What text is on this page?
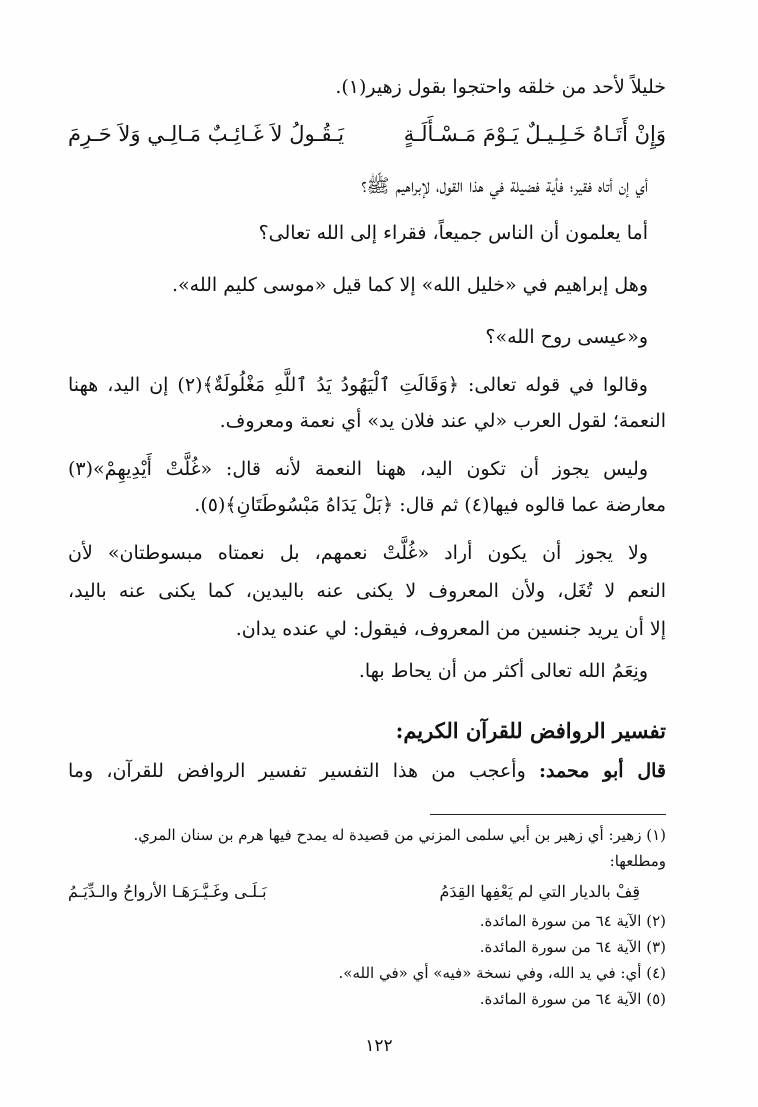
خليلاً لأحد من خلقه واحتجوا بقول زهير(١).
وَإِنْ أَتَـاهُ خَـلِـيـلٌ يَـوْمَ مَـسْـأَلَـةٍ
يَـقُـولُ لاَ غَـائِـبٌ مَـالِـي وَلاَ حَـرِمَ
أي إن أتاه فقير؛ فأية فضيلة في هذا القول، لإبراهيم ﷺ؟
أما يعلمون أن الناس جميعاً، فقراء إلى الله تعالى؟
وهل إبراهيم في «خليل الله» إلا كما قيل «موسى كليم الله».
و«عيسى روح الله»؟
وقالوا في قوله تعالى: ﴿وَقَالَتِ ٱلْيَهُودُ يَدُ ٱللَّهِ مَغْلُولَةٌ﴾(٢) إن اليد، ههنا
النعمة؛ لقول العرب «لي عند فلان يد» أي نعمة ومعروف.
وليس يجوز أن تكون اليد، ههنا النعمة لأنه قال: «غُلَّتْ أَيْدِيهِمْ»(٣)
معارضة عما قالوه فيها(٤) ثم قال: ﴿بَلْ يَدَاهُ مَبْسُوطَتَانِ﴾(٥).
ولا يجوز أن يكون أراد «غُلَّتْ نعمهم، بل نعمتاه مبسوطتان» لأن
النعم لا تُغَل، ولأن المعروف لا يكنى عنه باليدين، كما يكنى عنه باليد،
إلا أن يريد جنسين من المعروف، فيقول: لي عنده يدان.
ونِعَمُ الله تعالى أكثر من أن يحاط بها.
تفسير الروافض للقرآن الكريم:
قال أبو محمد: وأعجب من هذا التفسير تفسير الروافض للقرآن، وما
(١) زهير: أي زهير بن أبي سلمى المزني من قصيدة له يمدح فيها هرم بن سنان المري.
ومطلعها:
قِفْ بالديار التي لم يَعْفِها القِدَمُ
بَـلَـى وغَـيَّـرَهَـا الأرواحُ والـدِّيَـمُ
(٢) الآية ٦٤ من سورة المائدة.
(٣) الآية ٦٤ من سورة المائدة.
(٤) أي: في يد الله، وفي نسخة «فيه» أي «في الله».
(٥) الآية ٦٤ من سورة المائدة.
١٢٢
